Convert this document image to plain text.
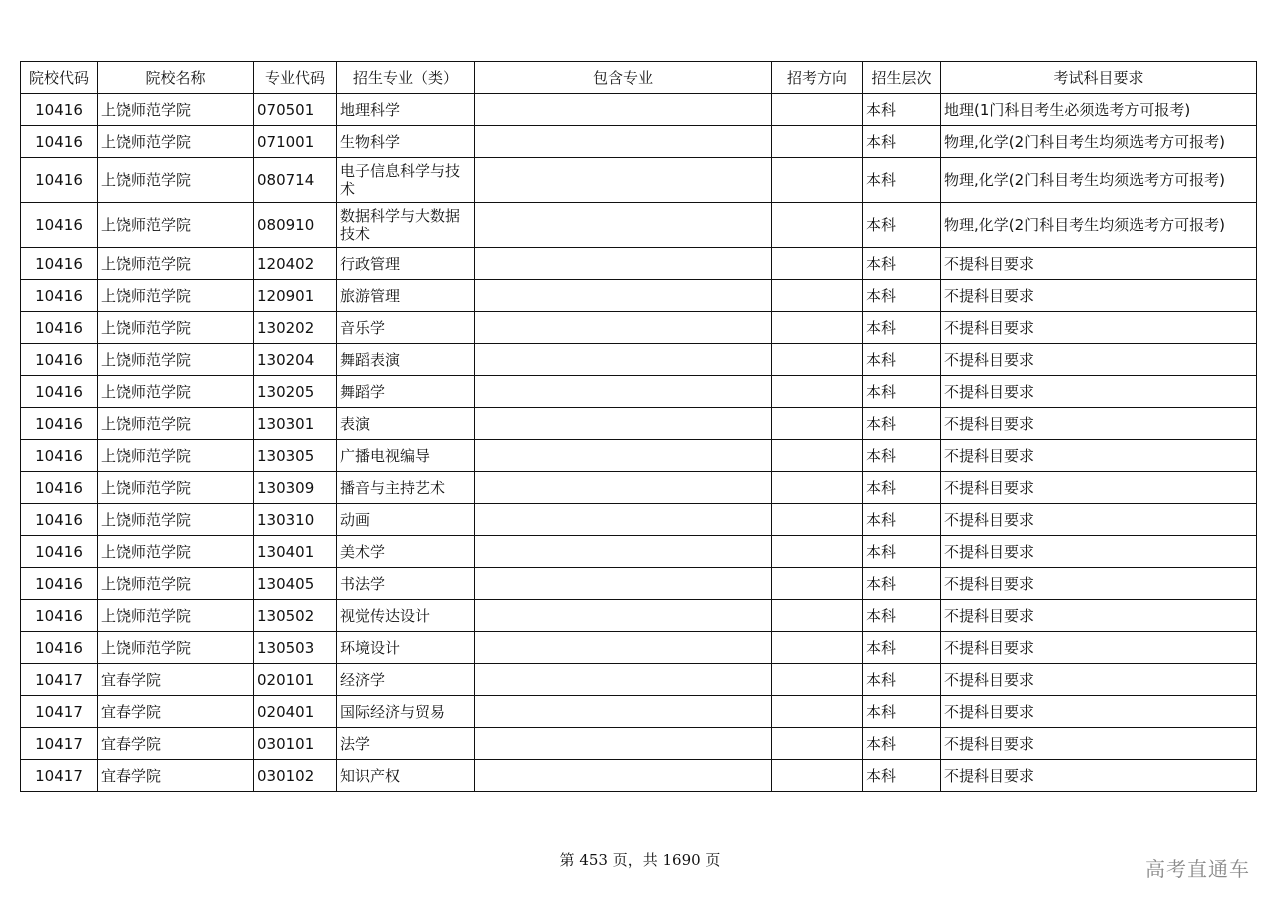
院校代码	院校名称	专业代码	招生专业（类）	包含专业	招考方向	招生层次	考试科目要求
10416	上饶师范学院	070501	地理科学			本科	地理(1门科目考生必须选考方可报考)
10416	上饶师范学院	071001	生物科学			本科	物理,化学(2门科目考生均须选考方可报考)
10416	上饶师范学院	080714	电子信息科学与技术			本科	物理,化学(2门科目考生均须选考方可报考)
10416	上饶师范学院	080910	数据科学与大数据技术			本科	物理,化学(2门科目考生均须选考方可报考)
10416	上饶师范学院	120402	行政管理			本科	不提科目要求
10416	上饶师范学院	120901	旅游管理			本科	不提科目要求
10416	上饶师范学院	130202	音乐学			本科	不提科目要求
10416	上饶师范学院	130204	舞蹈表演			本科	不提科目要求
10416	上饶师范学院	130205	舞蹈学			本科	不提科目要求
10416	上饶师范学院	130301	表演			本科	不提科目要求
10416	上饶师范学院	130305	广播电视编导			本科	不提科目要求
10416	上饶师范学院	130309	播音与主持艺术			本科	不提科目要求
10416	上饶师范学院	130310	动画			本科	不提科目要求
10416	上饶师范学院	130401	美术学			本科	不提科目要求
10416	上饶师范学院	130405	书法学			本科	不提科目要求
10416	上饶师范学院	130502	视觉传达设计			本科	不提科目要求
10416	上饶师范学院	130503	环境设计			本科	不提科目要求
10417	宜春学院	020101	经济学			本科	不提科目要求
10417	宜春学院	020401	国际经济与贸易			本科	不提科目要求
10417	宜春学院	030101	法学			本科	不提科目要求
10417	宜春学院	030102	知识产权			本科	不提科目要求
第 453 页，共 1690 页	高考直通车
